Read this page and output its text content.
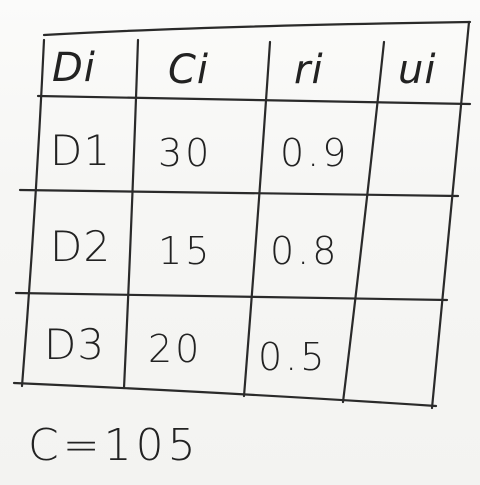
Di Ci ri ui
D1 30 0.9
D2 15 0.8
D3 20 0.5
C=105
